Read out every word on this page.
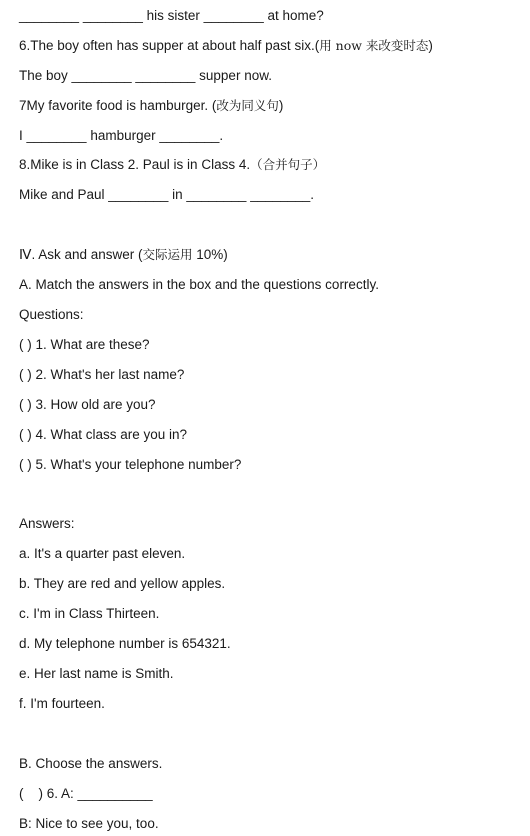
________ ________ his sister ________ at home?
6.The boy often has supper at about half past six.(用 now 来改变时态)
The boy ________ ________ supper now.
7My favorite food is hamburger. (改为同义句)
I ________ hamburger ________.
8.Mike is in Class 2. Paul is in Class 4.（合并句子）
Mike and Paul ________ in ________ ________.
Ⅳ. Ask and answer (交际运用 10%)
A. Match the answers in the box and the questions correctly.
Questions:
( ) 1. What are these?
( ) 2. What's her last name?
( ) 3. How old are you?
( ) 4. What class are you in?
( ) 5. What's your telephone number?
Answers:
a. It's a quarter past eleven.
b. They are red and yellow apples.
c. I'm in Class Thirteen.
d. My telephone number is 654321.
e. Her last name is Smith.
f. I'm fourteen.
B. Choose the answers.
(    ) 6. A: __________
B: Nice to see you, too.
